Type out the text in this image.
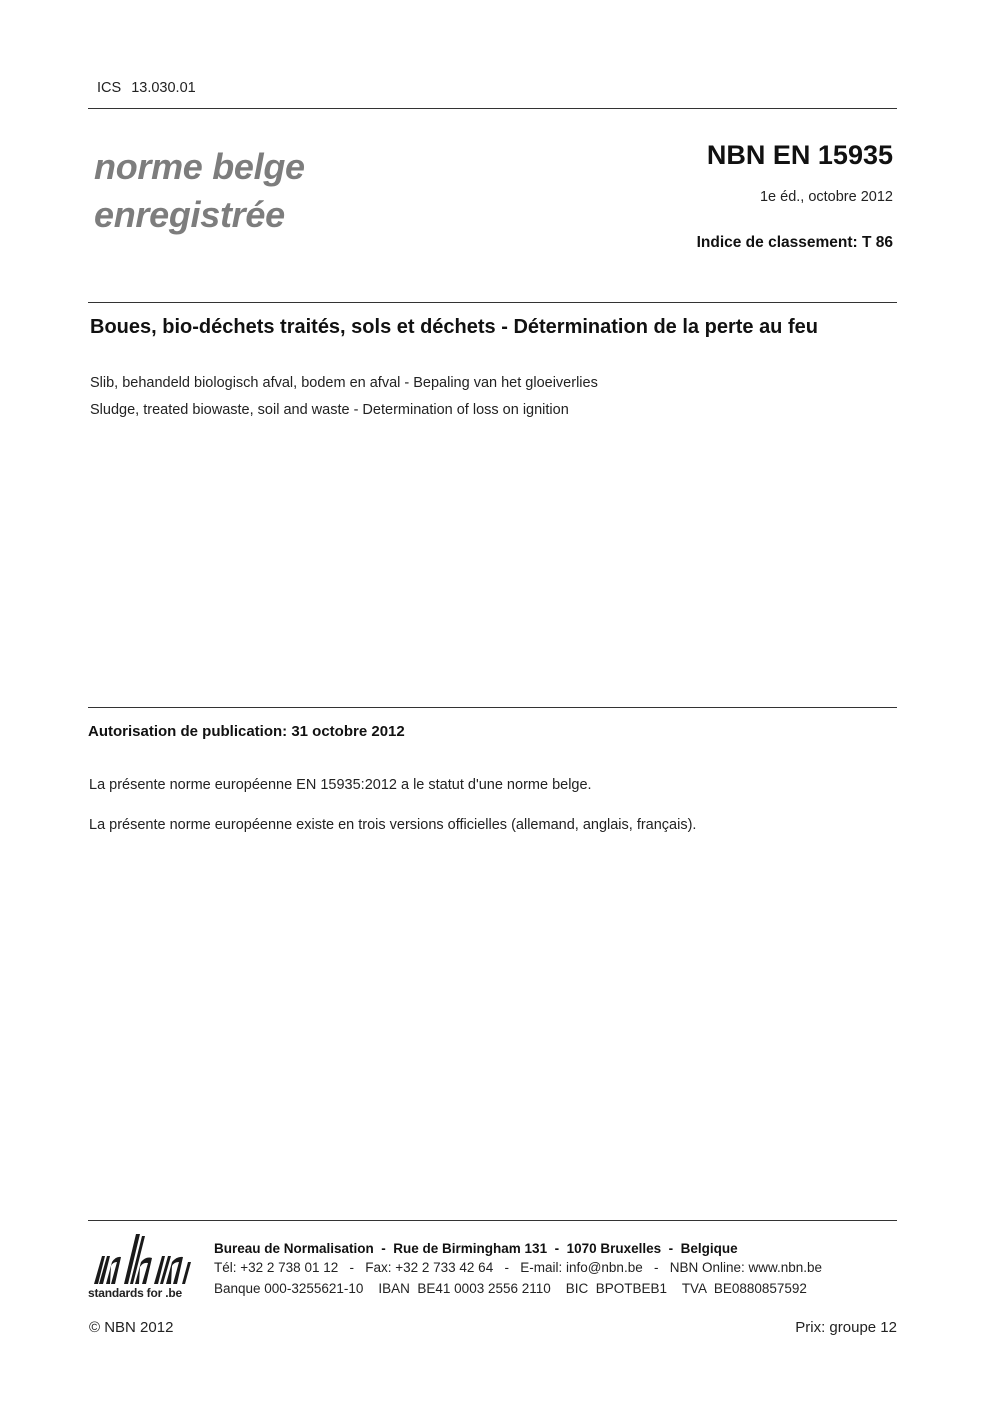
ICS 13.030.01
norme belge
enregistrée
NBN EN 15935
1e éd., octobre 2012
Indice de classement: T 86
Boues, bio-déchets traités, sols et déchets - Détermination de la perte au feu
Slib, behandeld biologisch afval, bodem en afval - Bepaling van het gloeiverlies
Sludge, treated biowaste, soil and waste - Determination of loss on ignition
Autorisation de publication: 31 octobre 2012
La présente norme européenne EN 15935:2012 a le statut d'une norme belge.
La présente norme européenne existe en trois versions officielles (allemand, anglais, français).
standards for .be
Bureau de Normalisation  -  Rue de Birmingham 131  -  1070 Bruxelles  -  Belgique
Tél: +32 2 738 01 12   -   Fax: +32 2 733 42 64   -   E-mail: info@nbn.be   -   NBN Online: www.nbn.be
Banque 000-3255621-10    IBAN  BE41 0003 2556 2110    BIC  BPOTBEB1    TVA  BE0880857592
© NBN 2012	Prix: groupe 12
